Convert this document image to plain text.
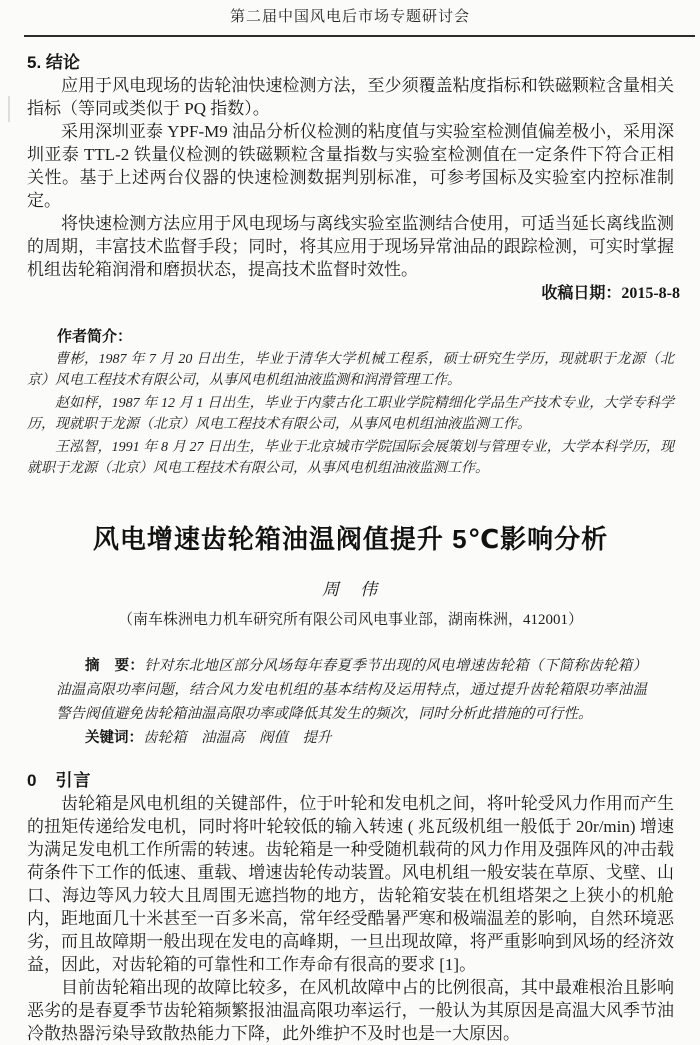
第二届中国风电后市场专题研讨会
5. 结论

应用于风电现场的齿轮油快速检测方法，至少须覆盖粘度指标和铁磁颗粒含量相关指标（等同或类似于 PQ 指数）。

采用深圳亚泰 YPF-M9 油品分析仪检测的粘度值与实验室检测值偏差极小，采用深圳亚泰 TTL-2 铁量仪检测的铁磁颗粒含量指数与实验室检测值在一定条件下符合正相关性。基于上述两台仪器的快速检测数据判别标准，可参考国标及实验室内控标准制定。

将快速检测方法应用于风电现场与离线实验室监测结合使用，可适当延长离线监测的周期，丰富技术监督手段；同时，将其应用于现场异常油品的跟踪检测，可实时掌握机组齿轮箱润滑和磨损状态，提高技术监督时效性。

收稿日期：2015-8-8
作者简介：

曹彬，1987 年 7 月 20 日出生，毕业于清华大学机械工程系，硕士研究生学历，现就职于龙源（北京）风电工程技术有限公司，从事风电机组油液监测和润滑管理工作。

赵如枰，1987 年 12 月 1 日出生，毕业于内蒙古化工职业学院精细化学品生产技术专业，大学专科学历，现就职于龙源（北京）风电工程技术有限公司，从事风电机组油液监测工作。

王泓智，1991 年 8 月 27 日出生，毕业于北京城市学院国际会展策划与管理专业，大学本科学历，现就职于龙源（北京）风电工程技术有限公司，从事风电机组油液监测工作。

风电增速齿轮箱油温阀值提升 5℃影响分析
周　伟
（南车株洲电力机车研究所有限公司风电事业部，湖南株洲，412001）
摘　要：针对东北地区部分风场每年春夏季节出现的风电增速齿轮箱（下简称齿轮箱）油温高限功率问题，结合风力发电机组的基本结构及运用特点，通过提升齿轮箱限功率油温警告阀值避免齿轮箱油温高限功率或降低其发生的频次，同时分析此措施的可行性。
关键词：齿轮箱　油温高　阀值　提升
0　引言

齿轮箱是风电机组的关键部件，位于叶轮和发电机之间，将叶轮受风力作用而产生的扭矩传递给发电机，同时将叶轮较低的输入转速 ( 兆瓦级机组一般低于 20r/min) 增速为满足发电机工作所需的转速。齿轮箱是一种受随机载荷的风力作用及强阵风的冲击载荷条件下工作的低速、重载、增速齿轮传动装置。风电机组一般安装在草原、戈壁、山口、海边等风力较大且周围无遮挡物的地方，齿轮箱安装在机组塔架之上狭小的机舱内，距地面几十米甚至一百多米高，常年经受酷暑严寒和极端温差的影响，自然环境恶劣，而且故障期一般出现在发电的高峰期，一旦出现故障，将严重影响到风场的经济效益，因此，对齿轮箱的可靠性和工作寿命有很高的要求 [1]。

目前齿轮箱出现的故障比较多，在风机故障中占的比例很高，其中最难根治且影响恶劣的是春夏季节齿轮箱频繁报油温高限功率运行，一般认为其原因是高温大风季节油冷散热器污染导致散热能力下降，此外维护不及时也是一大原因。
